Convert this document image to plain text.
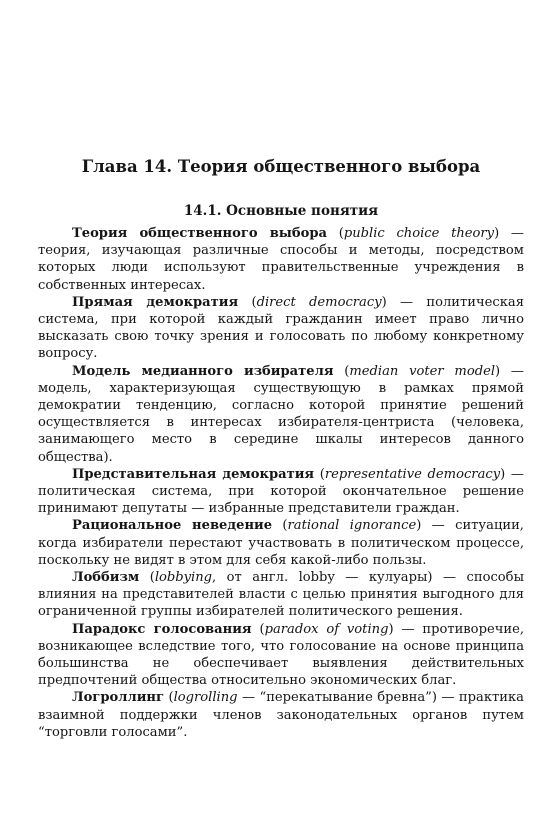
Глава 14. Теория общественного выбора
14.1. Основные понятия

Теория общественного выбора (public choice theory) — теория, изучающая различные способы и методы, посредством которых люди используют правительственные учреждения в собственных интересах.

Прямая демократия (direct democracy) — политическая система, при которой каждый гражданин имеет право лично высказать свою точку зрения и голосовать по любому конкретному вопросу.

Модель медианного избирателя (median voter model) — модель, характеризующая существующую в рамках прямой демократии тенденцию, согласно которой принятие решений осуществляется в интересах избирателя-центриста (человека, занимающего место в середине шкалы интересов данного общества).

Представительная демократия (representative democracy) — политическая система, при которой окончательное решение принимают депутаты — избранные представители граждан.

Рациональное неведение (rational ignorance) — ситуации, когда избиратели перестают участвовать в политическом процессе, поскольку не видят в этом для себя какой-либо пользы.

Лоббизм (lobbying, от англ. lobby — кулуары) — способы влияния на представителей власти с целью принятия выгодного для ограниченной группы избирателей политического решения.

Парадокс голосования (paradox of voting) — противоречие, возникающее вследствие того, что голосование на основе принципа большинства не обеспечивает выявления действительных предпочтений общества относительно экономических благ.

Логроллинг (logrolling — “перекатывание бревна”) — практика взаимной поддержки членов законодательных органов путем “торговли голосами”.
